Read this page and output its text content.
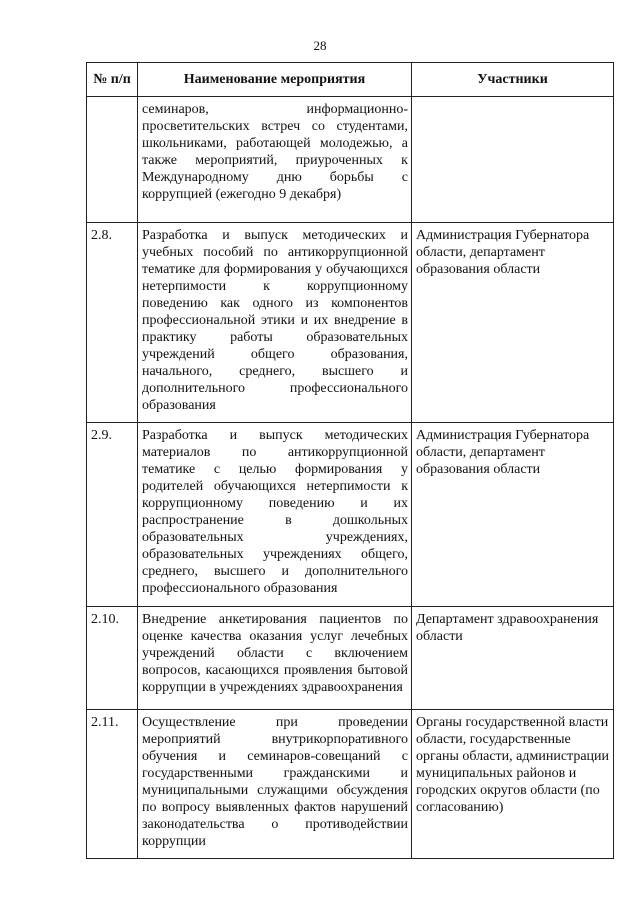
28
№ п/п	Наименование мероприятия	Участники
	семинаров, информационно-просветительских встреч со студентами, школьниками, работающей молодежью, а также мероприятий, приуроченных к Международному дню борьбы с коррупцией (ежегодно 9 декабря)	
2.8.	Разработка и выпуск методических и учебных пособий по антикоррупционной тематике для формирования у обучающихся нетерпимости к коррупционному поведению как одного из компонентов профессиональной этики и их внедрение в практику работы образовательных учреждений общего образования, начального, среднего, высшего и дополнительного профессионального образования	Администрация Губернатора области, департамент образования области
2.9.	Разработка и выпуск методических материалов по антикоррупционной тематике с целью формирования у родителей обучающихся нетерпимости к коррупционному поведению и их распространение в дошкольных образовательных учреждениях, образовательных учреждениях общего, среднего, высшего и дополнительного профессионального образования	Администрация Губернатора области, департамент образования области
2.10.	Внедрение анкетирования пациентов по оценке качества оказания услуг лечебных учреждений области с включением вопросов, касающихся проявления бытовой коррупции в учреждениях здравоохранения	Департамент здравоохранения области
2.11.	Осуществление при проведении мероприятий внутрикорпоративного обучения и семинаров-совещаний с государственными гражданскими и муниципальными служащими обсуждения по вопросу выявленных фактов нарушений законодательства о противодействии коррупции	Органы государственной власти области, государственные органы области, администрации муниципальных районов и городских округов области (по согласованию)
